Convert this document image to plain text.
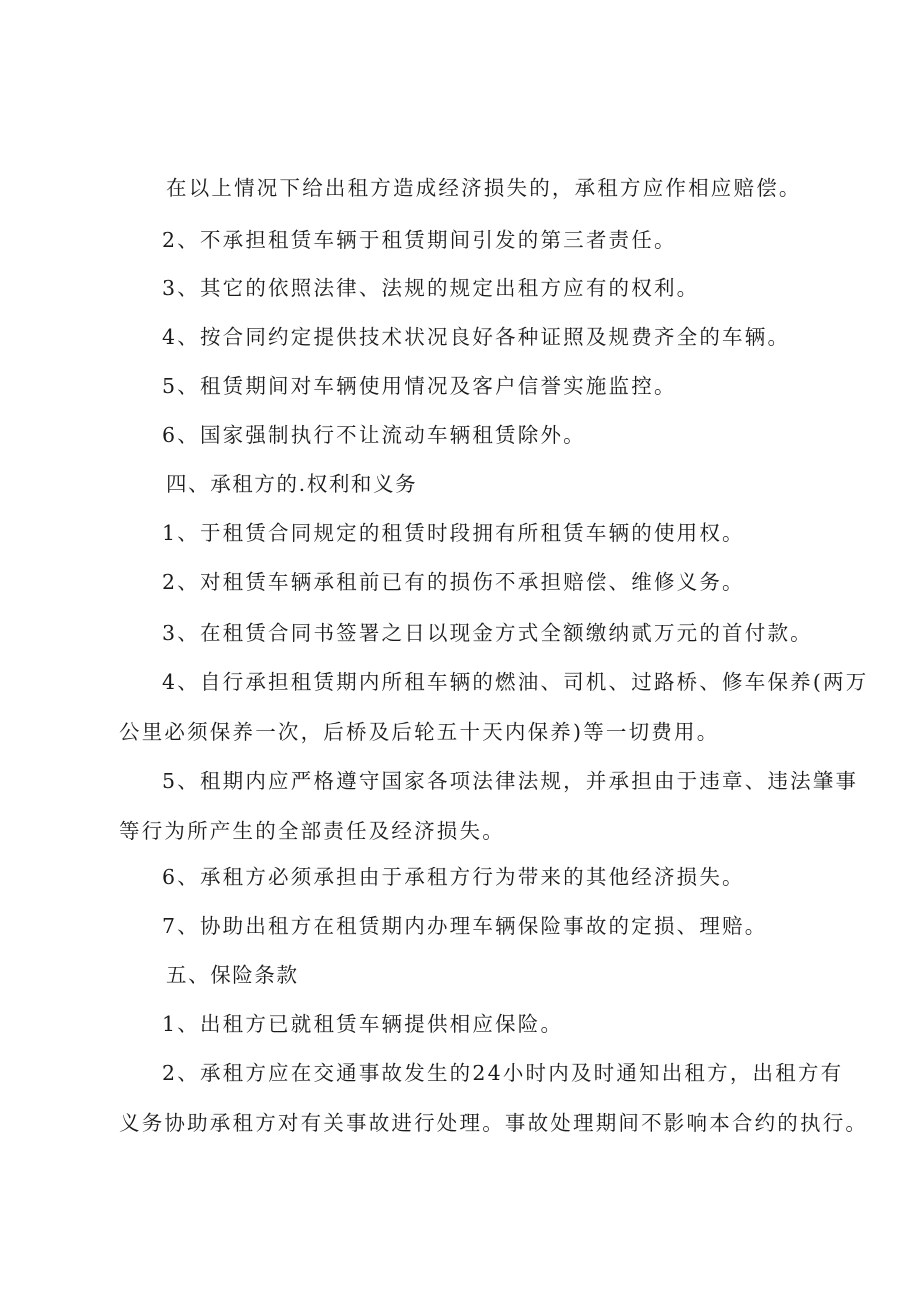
在以上情况下给出租方造成经济损失的，承租方应作相应赔偿。
2、不承担租赁车辆于租赁期间引发的第三者责任。
3、其它的依照法律、法规的规定出租方应有的权利。
4、按合同约定提供技术状况良好各种证照及规费齐全的车辆。
5、租赁期间对车辆使用情况及客户信誉实施监控。
6、国家强制执行不让流动车辆租赁除外。
四、承租方的.权利和义务
1、于租赁合同规定的租赁时段拥有所租赁车辆的使用权。
2、对租赁车辆承租前已有的损伤不承担赔偿、维修义务。
3、在租赁合同书签署之日以现金方式全额缴纳贰万元的首付款。
4、自行承担租赁期内所租车辆的燃油、司机、过路桥、修车保养(两万
公里必须保养一次，后桥及后轮五十天内保养)等一切费用。
5、租期内应严格遵守国家各项法律法规，并承担由于违章、违法肇事
等行为所产生的全部责任及经济损失。
6、承租方必须承担由于承租方行为带来的其他经济损失。
7、协助出租方在租赁期内办理车辆保险事故的定损、理赔。
五、保险条款
1、出租方已就租赁车辆提供相应保险。
2、承租方应在交通事故发生的24小时内及时通知出租方，出租方有
义务协助承租方对有关事故进行处理。事故处理期间不影响本合约的执行。
